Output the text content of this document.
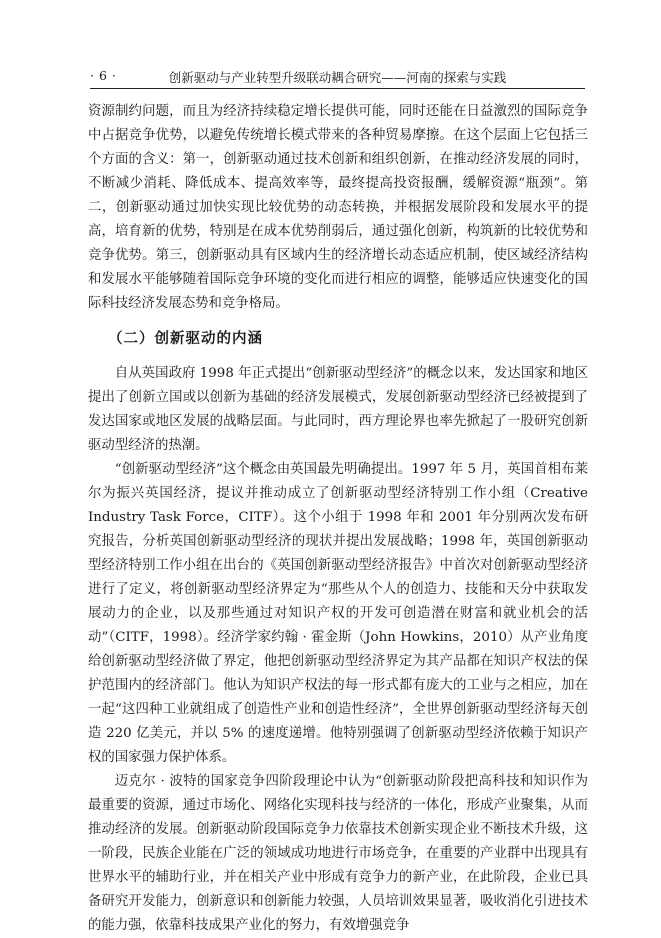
· 6 ·	创新驱动与产业转型升级联动耦合研究——河南的探索与实践

资源制约问题，而且为经济持续稳定增长提供可能，同时还能在日益激烈的国际竞争中占据竞争优势，以避免传统增长模式带来的各种贸易摩擦。在这个层面上它包括三个方面的含义：第一，创新驱动通过技术创新和组织创新，在推动经济发展的同时，不断减少消耗、降低成本、提高效率等，最终提高投资报酬，缓解资源“瓶颈”。第二，创新驱动通过加快实现比较优势的动态转换，并根据发展阶段和发展水平的提高，培育新的优势，特别是在成本优势削弱后，通过强化创新，构筑新的比较优势和竞争优势。第三，创新驱动具有区域内生的经济增长动态适应机制，使区域经济结构和发展水平能够随着国际竞争环境的变化而进行相应的调整，能够适应快速变化的国际科技经济发展态势和竞争格局。

（二）创新驱动的内涵

自从英国政府 1998 年正式提出“创新驱动型经济”的概念以来，发达国家和地区提出了创新立国或以创新为基础的经济发展模式，发展创新驱动型经济已经被提到了发达国家或地区发展的战略层面。与此同时，西方理论界也率先掀起了一股研究创新驱动型经济的热潮。

“创新驱动型经济”这个概念由英国最先明确提出。1997 年 5 月，英国首相布莱尔为振兴英国经济，提议并推动成立了创新驱动型经济特别工作小组（Creative Industry Task Force，CITF）。这个小组于 1998 年和 2001 年分别两次发布研究报告，分析英国创新驱动型经济的现状并提出发展战略；1998 年，英国创新驱动型经济特别工作小组在出台的《英国创新驱动型经济报告》中首次对创新驱动型经济进行了定义，将创新驱动型经济界定为“那些从个人的创造力、技能和天分中获取发展动力的企业，以及那些通过对知识产权的开发可创造潜在财富和就业机会的活动”（CITF，1998）。经济学家约翰 · 霍金斯（John Howkins，2010）从产业角度给创新驱动型经济做了界定，他把创新驱动型经济界定为其产品都在知识产权法的保护范围内的经济部门。他认为知识产权法的每一形式都有庞大的工业与之相应，加在一起“这四种工业就组成了创造性产业和创造性经济”，全世界创新驱动型经济每天创造 220 亿美元，并以 5% 的速度递增。他特别强调了创新驱动型经济依赖于知识产权的国家强力保护体系。

迈克尔 · 波特的国家竞争四阶段理论中认为“创新驱动阶段把高科技和知识作为最重要的资源，通过市场化、网络化实现科技与经济的一体化，形成产业聚集，从而推动经济的发展。创新驱动阶段国际竞争力依靠技术创新实现企业不断技术升级，这一阶段，民族企业能在广泛的领域成功地进行市场竞争，在重要的产业群中出现具有世界水平的辅助行业，并在相关产业中形成有竞争力的新产业，在此阶段，企业已具备研究开发能力，创新意识和创新能力较强，人员培训效果显著，吸收消化引进技术的能力强，依靠科技成果产业化的努力，有效增强竞争
